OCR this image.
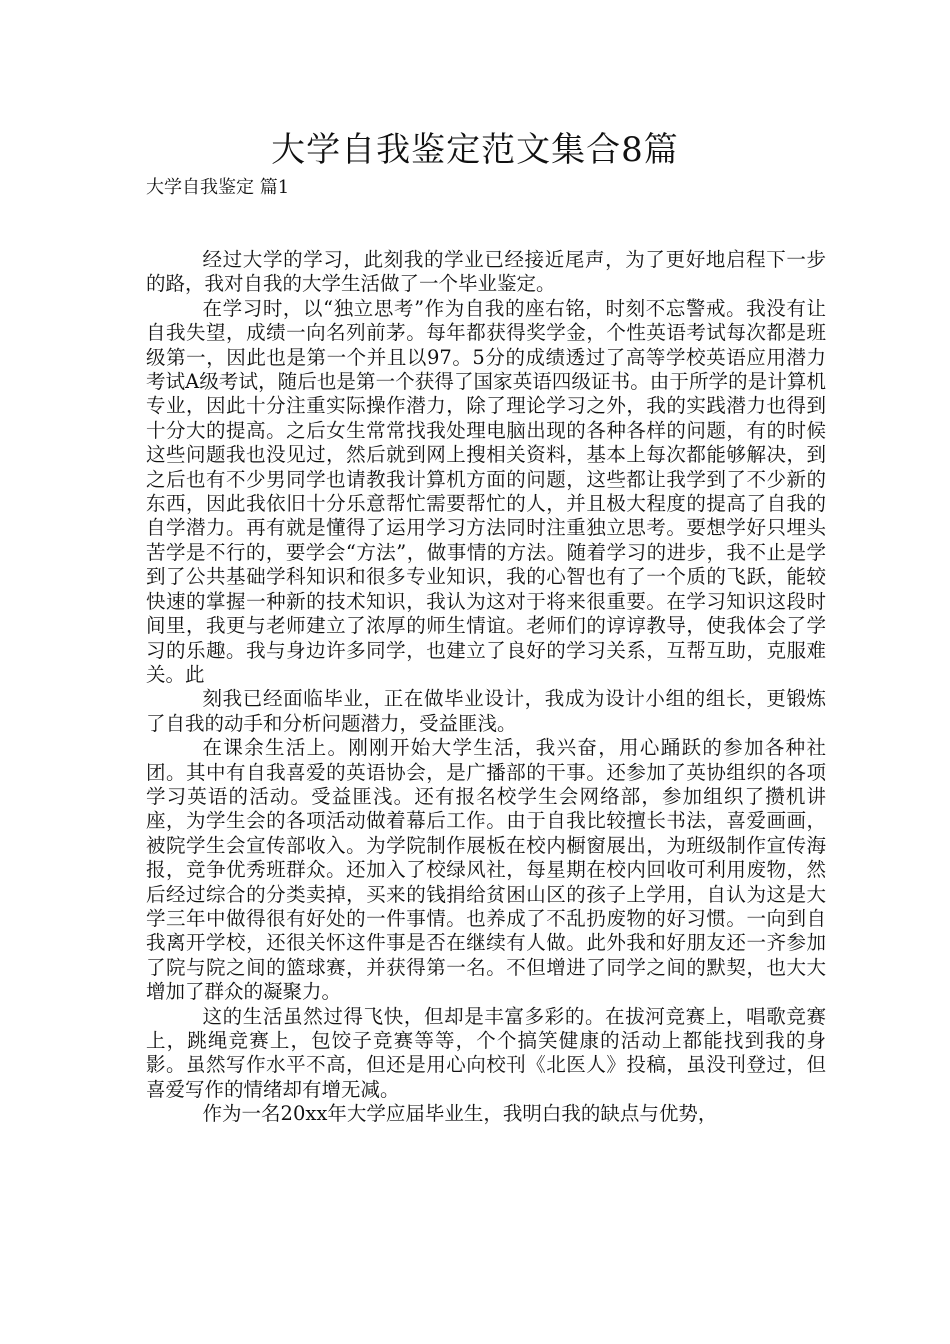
大学自我鉴定范文集合8篇
大学自我鉴定 篇1

经过大学的学习，此刻我的学业已经接近尾声，为了更好地启程下一步的路，我对自我的大学生活做了一个毕业鉴定。

在学习时，以“独立思考”作为自我的座右铭，时刻不忘警戒。我没有让自我失望，成绩一向名列前茅。每年都获得奖学金，个性英语考试每次都是班级第一，因此也是第一个并且以97。5分的成绩透过了高等学校英语应用潜力考试A级考试，随后也是第一个获得了国家英语四级证书。由于所学的是计算机专业，因此十分注重实际操作潜力，除了理论学习之外，我的实践潜力也得到十分大的提高。之后女生常常找我处理电脑出现的各种各样的问题，有的时候这些问题我也没见过，然后就到网上搜相关资料，基本上每次都能够解决，到之后也有不少男同学也请教我计算机方面的问题，这些都让我学到了不少新的东西，因此我依旧十分乐意帮忙需要帮忙的人，并且极大程度的提高了自我的自学潜力。再有就是懂得了运用学习方法同时注重独立思考。要想学好只埋头苦学是不行的，要学会“方法”，做事情的方法。随着学习的进步，我不止是学到了公共基础学科知识和很多专业知识，我的心智也有了一个质的飞跃，能较快速的掌握一种新的技术知识，我认为这对于将来很重要。在学习知识这段时间里，我更与老师建立了浓厚的师生情谊。老师们的谆谆教导，使我体会了学习的乐趣。我与身边许多同学，也建立了良好的学习关系，互帮互助，克服难关。此

刻我已经面临毕业，正在做毕业设计，我成为设计小组的组长，更锻炼了自我的动手和分析问题潜力，受益匪浅。

在课余生活上。刚刚开始大学生活，我兴奋，用心踊跃的参加各种社团。其中有自我喜爱的英语协会，是广播部的干事。还参加了英协组织的各项学习英语的活动。受益匪浅。还有报名校学生会网络部，参加组织了攒机讲座，为学生会的各项活动做着幕后工作。由于自我比较擅长书法，喜爱画画，被院学生会宣传部收入。为学院制作展板在校内橱窗展出，为班级制作宣传海报，竞争优秀班群众。还加入了校绿风社，每星期在校内回收可利用废物，然后经过综合的分类卖掉，买来的钱捐给贫困山区的孩子上学用，自认为这是大学三年中做得很有好处的一件事情。也养成了不乱扔废物的好习惯。一向到自我离开学校，还很关怀这件事是否在继续有人做。此外我和好朋友还一齐参加了院与院之间的篮球赛，并获得第一名。不但增进了同学之间的默契，也大大增加了群众的凝聚力。

这的生活虽然过得飞快，但却是丰富多彩的。在拔河竞赛上，唱歌竞赛上，跳绳竞赛上，包饺子竞赛等等，个个搞笑健康的活动上都能找到我的身影。虽然写作水平不高，但还是用心向校刊《北医人》投稿，虽没刊登过，但喜爱写作的情绪却有增无减。

作为一名20xx年大学应届毕业生，我明白我的缺点与优势，
